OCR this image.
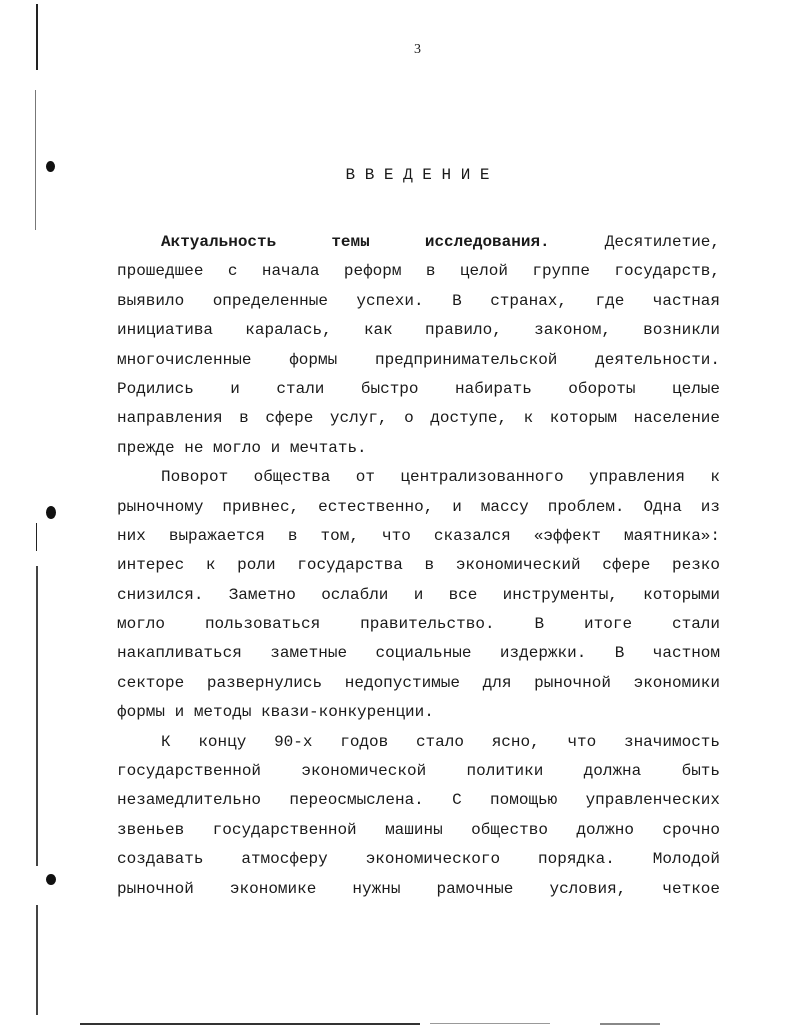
3
В В Е Д Е Н И Е
Актуальность темы исследования.	Десятилетие,
прошедшее с начала реформ в целой группе государств,
выявило определенные успехи. В странах, где частная
инициатива каралась, как правило, законом, возникли
многочисленные формы предпринимательской деятельности.
Родились и стали быстро набирать обороты целые
направления в сфере услуг, о доступе, к которым население
прежде не могло и мечтать.
Поворот общества от централизованного управления к
рыночному привнес, естественно, и массу проблем. Одна из
них выражается в том, что сказался «эффект маятника»:
интерес к роли государства в экономический сфере резко
снизился. Заметно ослабли и все инструменты, которыми
могло пользоваться правительство. В итоге стали
накапливаться заметные социальные издержки. В частном
секторе развернулись недопустимые для рыночной экономики
формы и методы квази-конкуренции.
К концу 90-х годов стало ясно, что значимость
государственной экономической политики должна быть
незамедлительно переосмыслена. С помощью управленческих
звеньев государственной машины общество должно срочно
создавать атмосферу экономического порядка. Молодой
рыночной экономике нужны рамочные условия, четкое
